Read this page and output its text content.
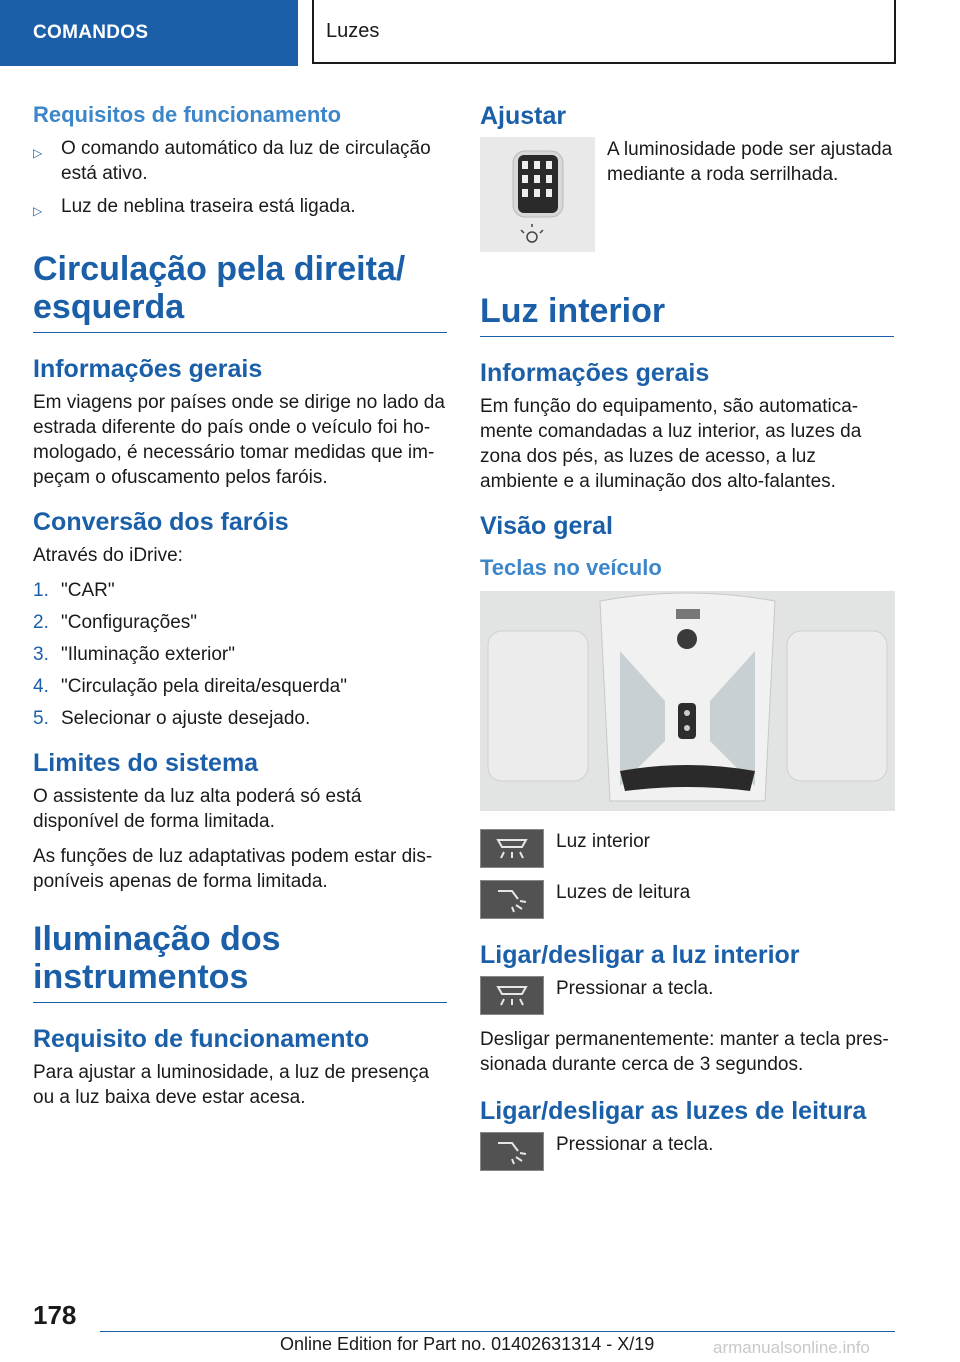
COMANDOS	Luzes
Requisitos de funcionamento
▷ O comando automático da luz de circulação está ativo.
▷ Luz de neblina traseira está ligada.
Circulação pela direita/
esquerda
Informações gerais

Em viagens por países onde se dirige no lado da estrada diferente do país onde o veículo foi ho-mologado, é necessário tomar medidas que im-peçam o ofuscamento pelos faróis.

Conversão dos faróis

Através do iDrive:

1. "CAR"
2. "Configurações"
3. "Iluminação exterior"
4. "Circulação pela direita/esquerda"
5. Selecionar o ajuste desejado.
Limites do sistema

O assistente da luz alta poderá só está disponível de forma limitada.

As funções de luz adaptativas podem estar dis-poníveis apenas de forma limitada.

Iluminação dos
instrumentos
Requisito de funcionamento

Para ajustar a luminosidade, a luz de presença ou a luz baixa deve estar acesa.

Ajustar
A luminosidade pode ser ajustada mediante a roda serrilhada.
Luz interior
Informações gerais

Em função do equipamento, são automatica-mente comandadas a luz interior, as luzes da zona dos pés, as luzes de acesso, a luz ambiente e a iluminação dos alto-falantes.

Visão geral
Teclas no veículo
Luz interior
Luzes de leitura
Ligar/desligar a luz interior
Pressionar a tecla.

Desligar permanentemente: manter a tecla pres-sionada durante cerca de 3 segundos.

Ligar/desligar as luzes de leitura
Pressionar a tecla.
178
Online Edition for Part no. 01402631314 - X/19	armanualsonline.info
